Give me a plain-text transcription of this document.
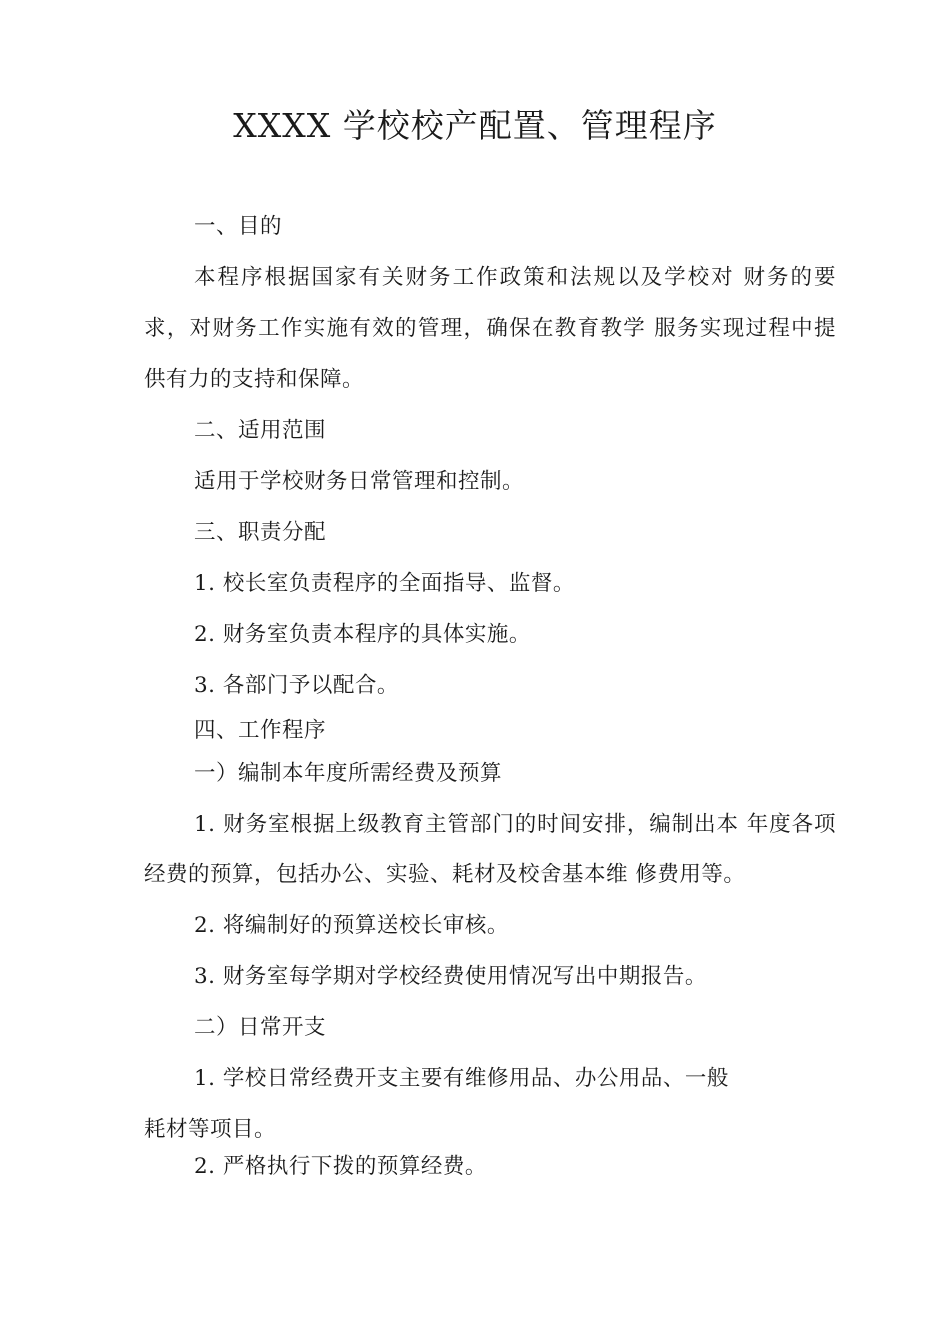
XXXX 学校校产配置、管理程序
一、目的
本程序根据国家有关财务工作政策和法规以及学校对 财务的要
求，对财务工作实施有效的管理，确保在教育教学 服务实现过程中提
供有力的支持和保障。
二、适用范围
适用于学校财务日常管理和控制。
三、职责分配
1. 校长室负责程序的全面指导、监督。
2. 财务室负责本程序的具体实施。
3. 各部门予以配合。
四、工作程序
一）编制本年度所需经费及预算
1. 财务室根据上级教育主管部门的时间安排，编制出本 年度各项
经费的预算，包括办公、实验、耗材及校舍基本维 修费用等。
2. 将编制好的预算送校长审核。
3. 财务室每学期对学校经费使用情况写出中期报告。
二）日常开支
1. 学校日常经费开支主要有维修用品、办公用品、一般
耗材等项目。
2. 严格执行下拨的预算经费。
